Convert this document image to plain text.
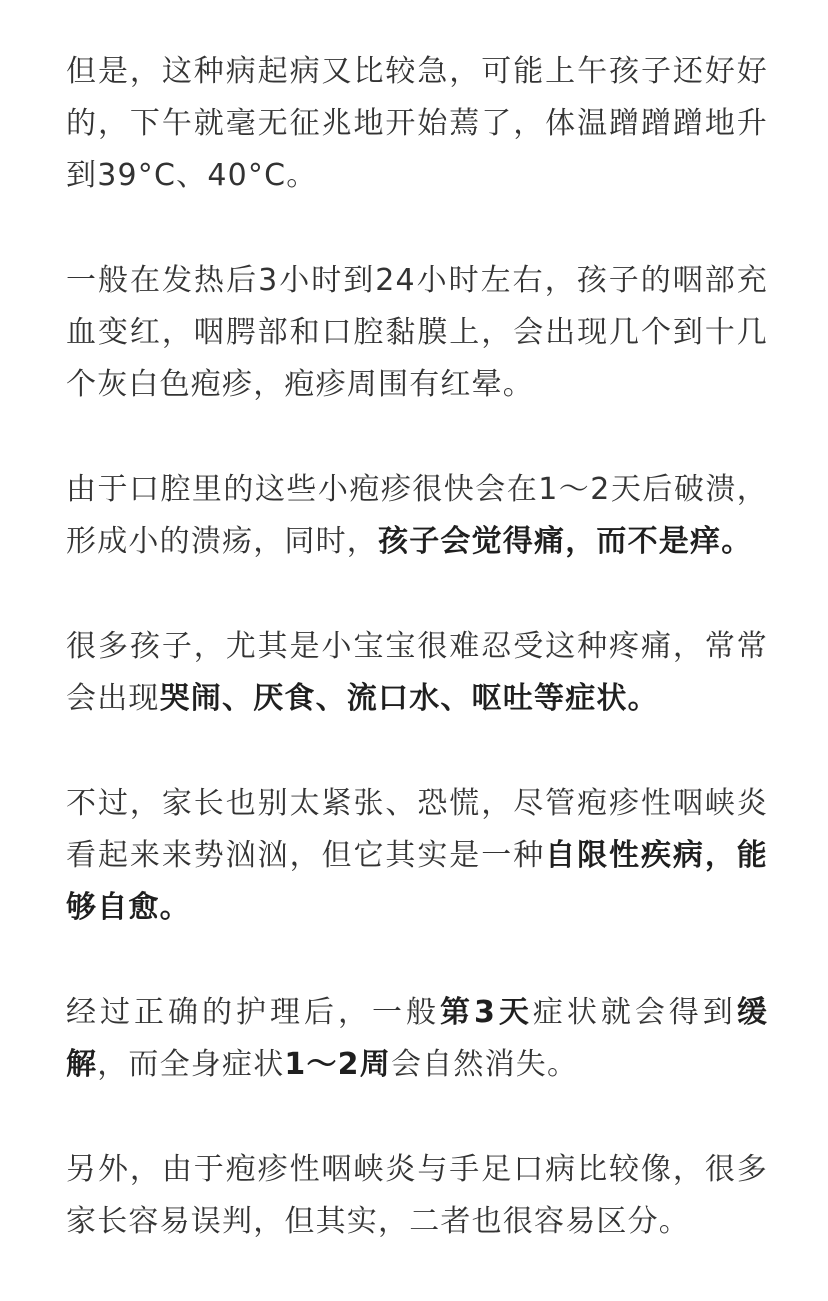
但是，这种病起病又比较急，可能上午孩子还好好的，下午就毫无征兆地开始蔫了，体温蹭蹭蹭地升到39°C、40°C。

一般在发热后3小时到24小时左右，孩子的咽部充血变红，咽腭部和口腔黏膜上，会出现几个到十几个灰白色疱疹，疱疹周围有红晕。

由于口腔里的这些小疱疹很快会在1～2天后破溃，形成小的溃疡，同时，孩子会觉得痛，而不是痒。

很多孩子，尤其是小宝宝很难忍受这种疼痛，常常会出现哭闹、厌食、流口水、呕吐等症状。

不过，家长也别太紧张、恐慌，尽管疱疹性咽峡炎看起来来势汹汹，但它其实是一种自限性疾病，能够自愈。

经过正确的护理后，一般第3天症状就会得到缓解，而全身症状1～2周会自然消失。

另外，由于疱疹性咽峡炎与手足口病比较像，很多家长容易误判，但其实，二者也很容易区分。
